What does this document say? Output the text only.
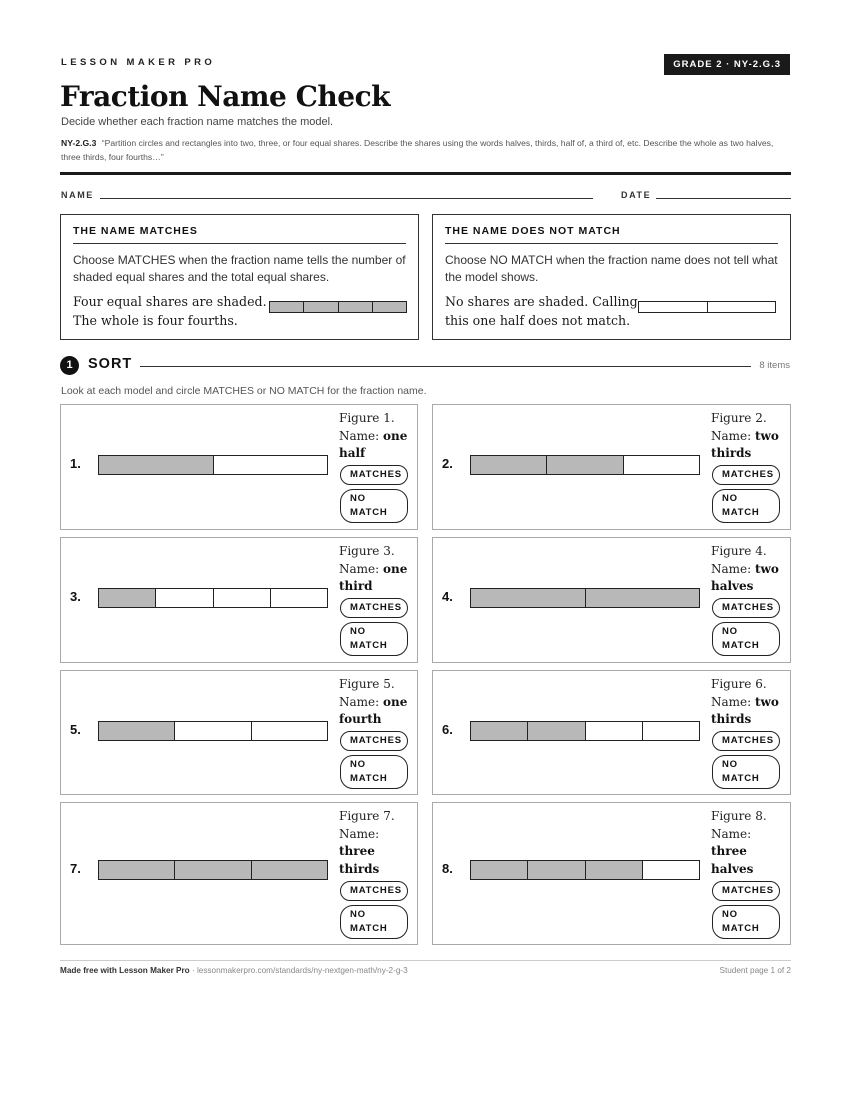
LESSON MAKER PRO	GRADE 2 · NY-2.G.3
Fraction Name Check
Decide whether each fraction name matches the model.
NY-2.G.3 “Partition circles and rectangles into two, three, or four equal shares. Describe the shares using the words halves, thirds, half of, a third of, etc. Describe the whole as two halves, three thirds, four fourths…”
NAME	DATE
THE NAME MATCHES
Choose MATCHES when the fraction name tells the number of shaded equal shares and the total equal shares.
Four equal shares are shaded. The whole is four fourths.
THE NAME DOES NOT MATCH
Choose NO MATCH when the fraction name does not tell what the model shows.
No shares are shaded. Calling this one half does not match.
1	SORT	8 items
Look at each model and circle MATCHES or NO MATCH for the fraction name.
1.
Figure 1.
Name: one half
MATCHES
NO
MATCH
2.
Figure 2.
Name: two thirds
MATCHES
NO
MATCH
3.
Figure 3.
Name: one third
MATCHES
NO
MATCH
4.
Figure 4.
Name: two halves
MATCHES
NO
MATCH
5.
Figure 5.
Name: one fourth
MATCHES
NO
MATCH
6.
Figure 6.
Name: two thirds
MATCHES
NO
MATCH
7.
Figure 7.
Name: three thirds
MATCHES
NO
MATCH
8.
Figure 8.
Name: three halves
MATCHES
NO
MATCH
Made free with Lesson Maker Pro · lessonmakerpro.com/standards/ny-nextgen-math/ny-2-g-3	Student page 1 of 2
